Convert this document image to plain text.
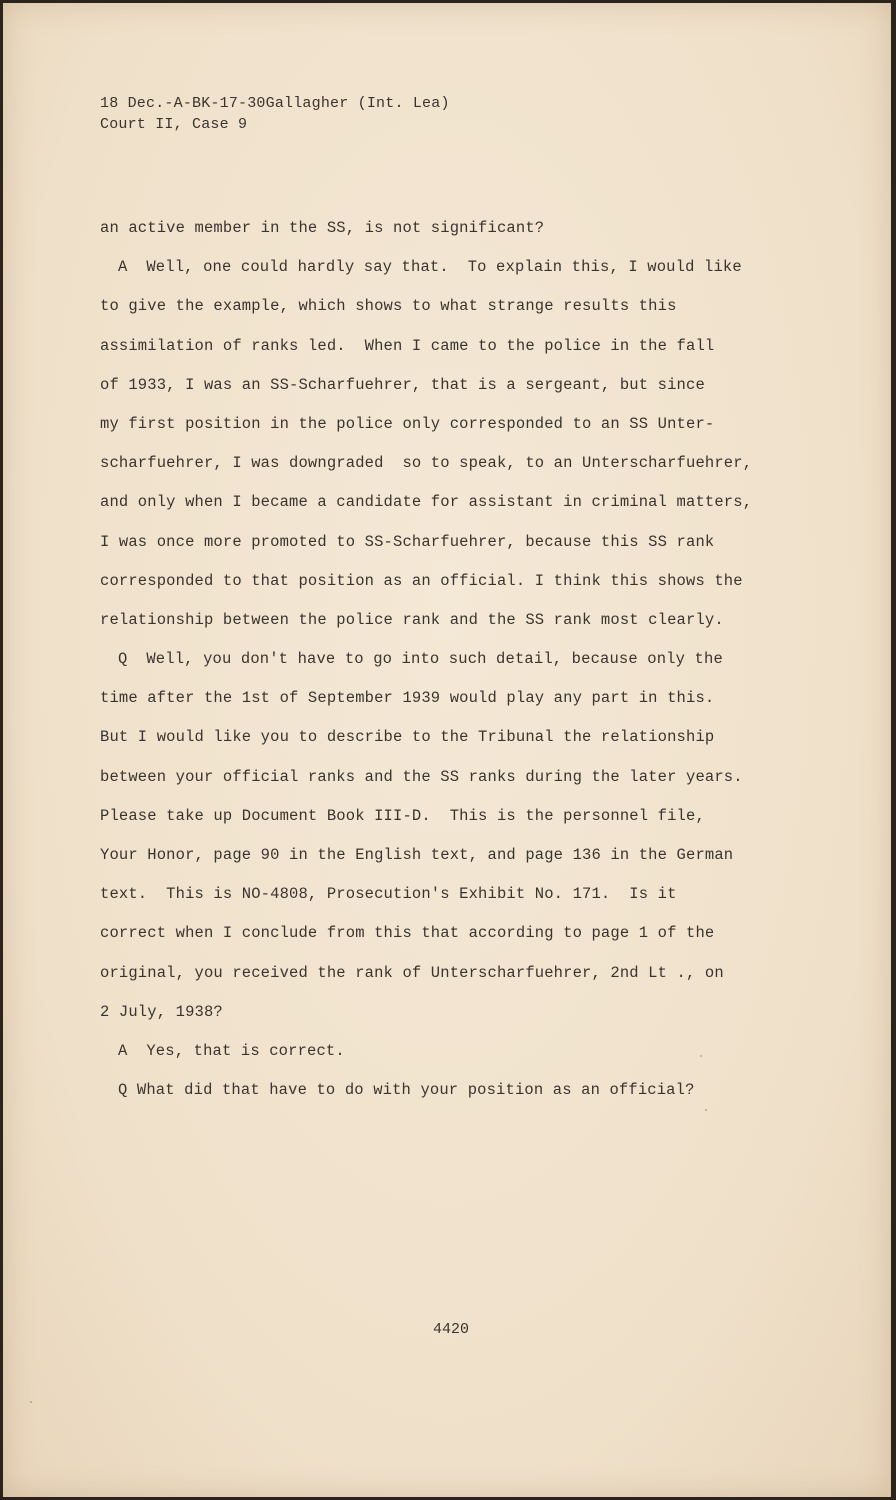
18 Dec.-A-BK-17-30Gallagher (Int. Lea)
Court II, Case 9
an active member in the SS, is not significant?
A  Well, one could hardly say that.  To explain this, I would like
to give the example, which shows to what strange results this
assimilation of ranks led.  When I came to the police in the fall
of 1933, I was an SS-Scharfuehrer, that is a sergeant, but since
my first position in the police only corresponded to an SS Unter-
scharfuehrer, I was downgraded  so to speak, to an Unterscharfuehrer,
and only when I became a candidate for assistant in criminal matters,
I was once more promoted to SS-Scharfuehrer, because this SS rank
corresponded to that position as an official. I think this shows the
relationship between the police rank and the SS rank most clearly.
Q  Well, you don't have to go into such detail, because only the
time after the 1st of September 1939 would play any part in this.
But I would like you to describe to the Tribunal the relationship
between your official ranks and the SS ranks during the later years.
Please take up Document Book III-D.  This is the personnel file,
Your Honor, page 90 in the English text, and page 136 in the German
text.  This is NO-4808, Prosecution's Exhibit No. 171.  Is it
correct when I conclude from this that according to page 1 of the
original, you received the rank of Unterscharfuehrer, 2nd Lt ., on
2 July, 1938?
A  Yes, that is correct.
Q What did that have to do with your position as an official?
4420
